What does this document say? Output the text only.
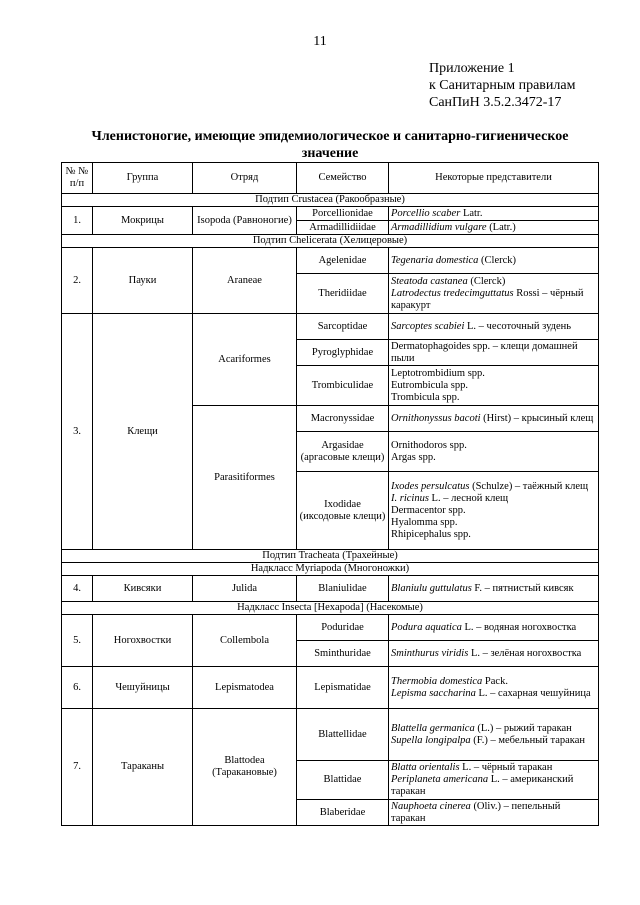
11
Приложение 1
к Санитарным правилам
СанПиН 3.5.2.3472-17
Членистоногие, имеющие эпидемиологическое и санитарно-гигиеническое
значение
№ № п/п	Группа	Отряд	Семейство	Некоторые представители
Подтип Crustacea (Ракообразные)				
1.	Мокрицы	Isopoda (Равноногие)	Porcellionidae	Porcellio scaber Latr.
			Armadillidiidae	Armadillidium vulgare (Latr.)
Подтип Chelicerata (Хелицеровые)				
2.	Пауки	Araneae	Agelenidae	Tegenaria domestica (Clerck)
			Theridiidae	Steatoda castanea (Clerck)
Latrodectus tredecimguttatus Rossi – чёрный каракурт

3.	Клещи	Acariformes	Sarcoptidae	Sarcoptes scabiei L. – чесоточный зудень
			Pyroglyphidae	Dermatophagoides spp. – клещи домашней пыли
			Trombiculidae	Leptotrombidium spp.
Eutrombicula spp.
Trombicula spp.

		Parasitiformes	Macronyssidae	Ornithonyssus bacoti (Hirst) – крысиный клещ
			Argasidae (аргасовые клещи)	Ornithodoros spp.
Argas spp.

			Ixodidae (иксодовые клещи)	Ixodes persulcatus (Schulze) – таёжный клещ
I. ricinus L. – лесной клещ
Dermacentor spp.
Hyalomma spp.
Rhipicephalus spp.

Подтип Tracheata (Трахейные)				
Надкласс Myriapoda (Многоножки)				
4.	Кивсяки	Julida	Blaniulidae	Blaniulu guttulatus F. – пятнистый кивсяк
Надкласс Insecta [Hexapoda] (Насекомые)				
5.	Ногохвостки	Collembola	Poduridae	Podura aquatica L. – водяная ногохвостка
			Sminthuridae	Sminthurus viridis L. – зелёная ногохвостка
6.	Чешуйницы	Lepismatodea	Lepismatidae	Thermobia domestica Pack.
Lepisma saccharina L. – сахарная чешуйница

7.	Тараканы	Blattodea (Таракановые)	Blattellidae	Blattella germanica (L.) – рыжий таракан
Supella longipalpa (F.) – мебельный таракан

			Blattidae	Blatta orientalis L. – чёрный таракан
Periplaneta americana L. – американский таракан

			Blaberidae	Nauphoeta cinerea (Oliv.) – пепельный таракан
